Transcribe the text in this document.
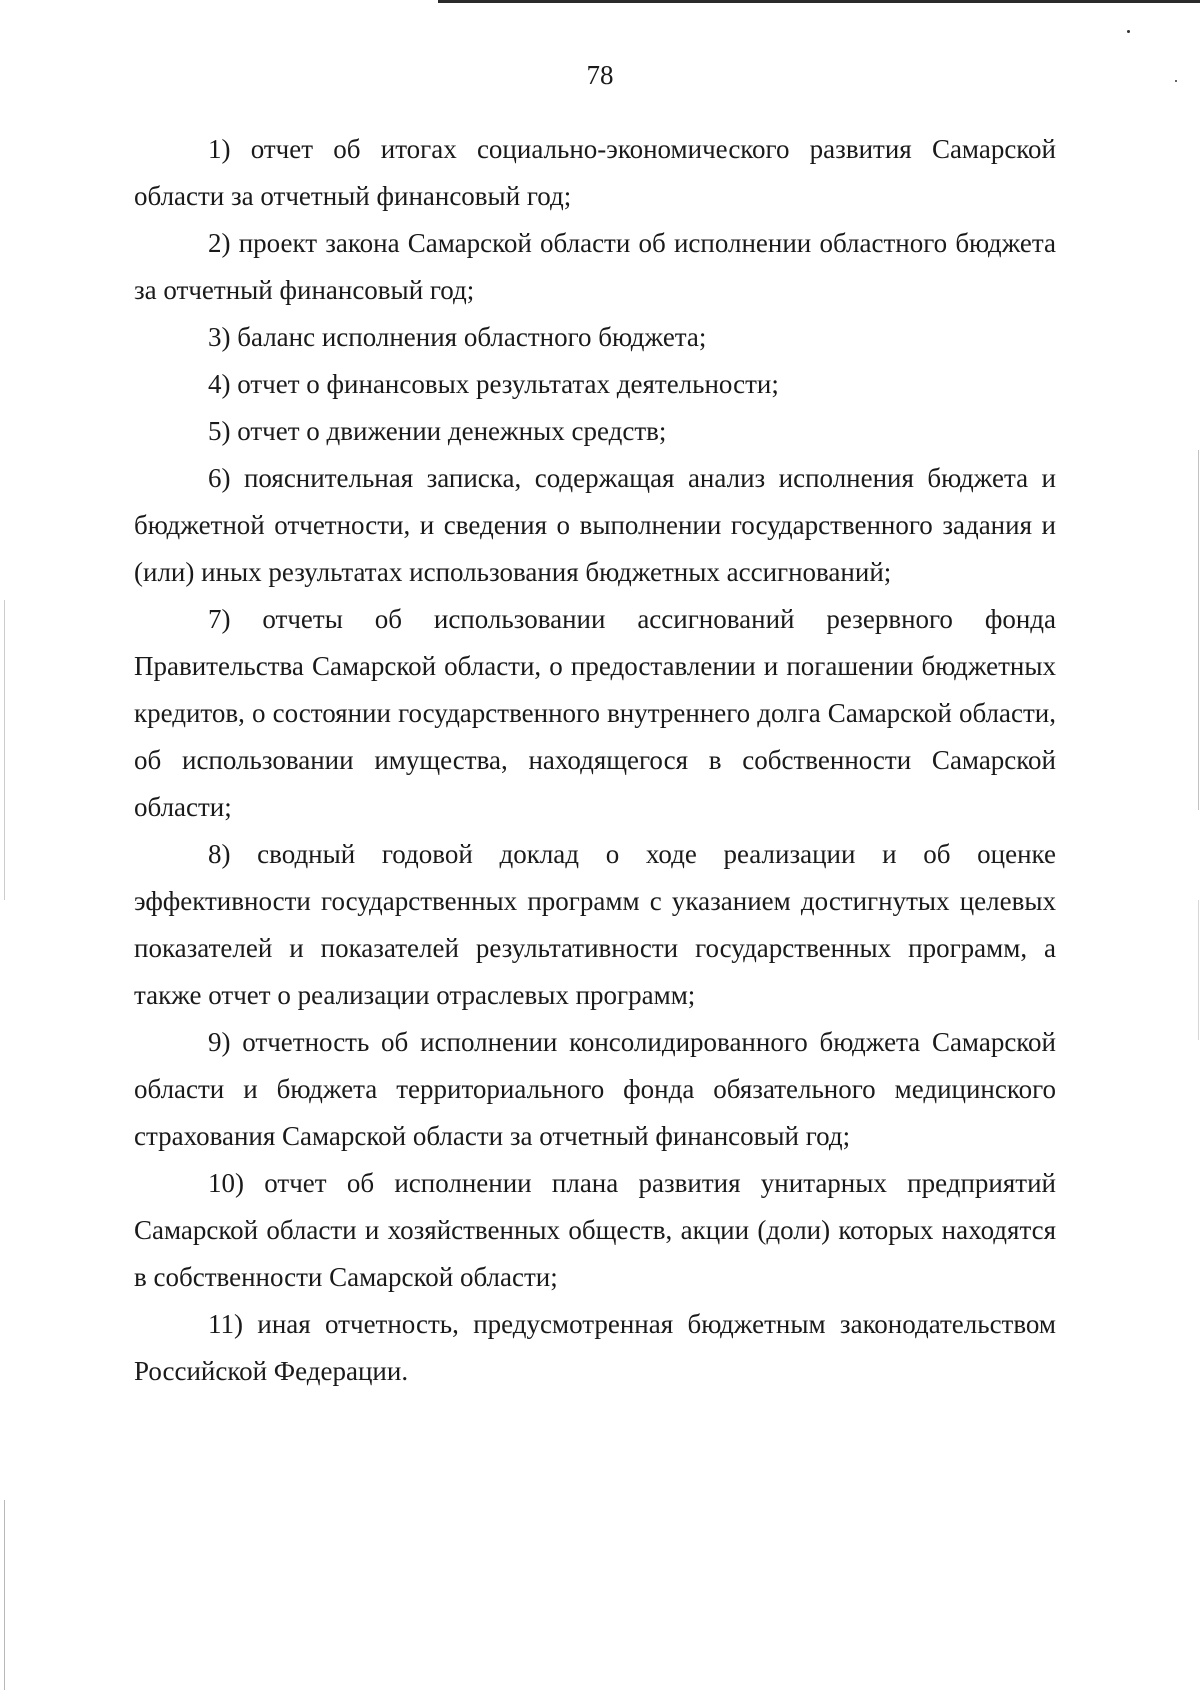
78

1) отчет об итогах социально-экономического развития Самарской области за отчетный финансовый год;

2) проект закона Самарской области об исполнении областного бюджета за отчетный финансовый год;

3) баланс исполнения областного бюджета;

4) отчет о финансовых результатах деятельности;

5) отчет о движении денежных средств;

6) пояснительная записка, содержащая анализ исполнения бюджета и бюджетной отчетности, и сведения о выполнении государственного задания и (или) иных результатах использования бюджетных ассигнований;

7) отчеты об использовании ассигнований резервного фонда Правительства Самарской области, о предоставлении и погашении бюджетных кредитов, о состоянии государственного внутреннего долга Самарской области, об использовании имущества, находящегося в собственности Самарской области;

8) сводный годовой доклад о ходе реализации и об оценке эффективности государственных программ с указанием достигнутых целевых показателей и показателей результативности государственных программ, а также отчет о реализации отраслевых программ;

9) отчетность об исполнении консолидированного бюджета Самарской области и бюджета территориального фонда обязательного медицинского страхования Самарской области за отчетный финансовый год;

10) отчет об исполнении плана развития унитарных предприятий Самарской области и хозяйственных обществ, акции (доли) которых находятся в собственности Самарской области;

11) иная отчетность, предусмотренная бюджетным законодательством Российской Федерации.
